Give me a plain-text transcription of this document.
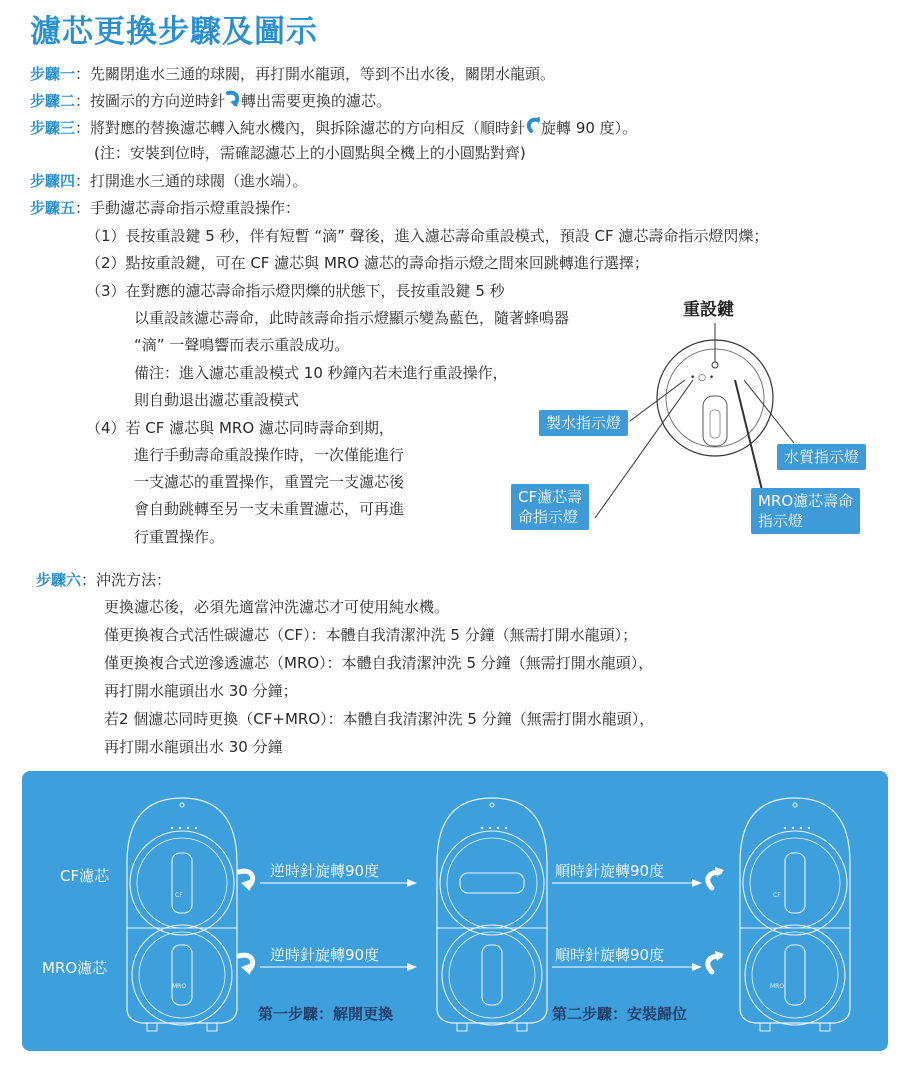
濾芯更換步驟及圖示
步驟一：先關閉進水三通的球閥，再打開水龍頭，等到不出水後，關閉水龍頭。
步驟二：按圖示的方向逆時針 轉出需要更換的濾芯。
步驟三：將對應的替換濾芯轉入純水機內，與拆除濾芯的方向相反（順時針 旋轉 90 度）。
(注：安裝到位時，需確認濾芯上的小圓點與全機上的小圓點對齊)
步驟四：打開進水三通的球閥（進水端）。
步驟五：手動濾芯壽命指示燈重設操作：
（1）長按重設鍵 5 秒，伴有短暫 “滴” 聲後，進入濾芯壽命重設模式，預設 CF 濾芯壽命指示燈閃爍；
（2）點按重設鍵，可在 CF 濾芯與 MRO 濾芯的壽命指示燈之間來回跳轉進行選擇；
（3）在對應的濾芯壽命指示燈閃爍的狀態下，長按重設鍵 5 秒
以重設該濾芯壽命，此時該壽命指示燈顯示變為藍色，隨著蜂鳴器
“滴” 一聲鳴響而表示重設成功。
備注：進入濾芯重設模式 10 秒鐘內若未進行重設操作，
則自動退出濾芯重設模式
（4）若 CF 濾芯與 MRO 濾芯同時壽命到期，
進行手動壽命重設操作時，一次僅能進行
一支濾芯的重置操作，重置完一支濾芯後
會自動跳轉至另一支未重置濾芯，可再進
行重置操作。
重設鍵
• ○ •
製水指示燈
水質指示燈
CF濾芯壽
命指示燈
MRO濾芯壽命
指示燈
步驟六：沖洗方法：
更換濾芯後，必須先適當沖洗濾芯才可使用純水機。
僅更換複合式活性碳濾芯（CF）：本體自我清潔沖洗 5 分鐘（無需打開水龍頭）；
僅更換複合式逆滲透濾芯（MRO）：本體自我清潔沖洗 5 分鐘（無需打開水龍頭），
再打開水龍頭出水 30 分鐘；
若2 個濾芯同時更換（CF+MRO）：本體自我清潔沖洗 5 分鐘（無需打開水龍頭），
再打開水龍頭出水 30 分鐘
CF濾芯
MRO濾芯
逆時針旋轉90度
逆時針旋轉90度
順時針旋轉90度
順時針旋轉90度
CF	CF
MRO	MRO
第一步驟：解開更換	第二步驟：安裝歸位
